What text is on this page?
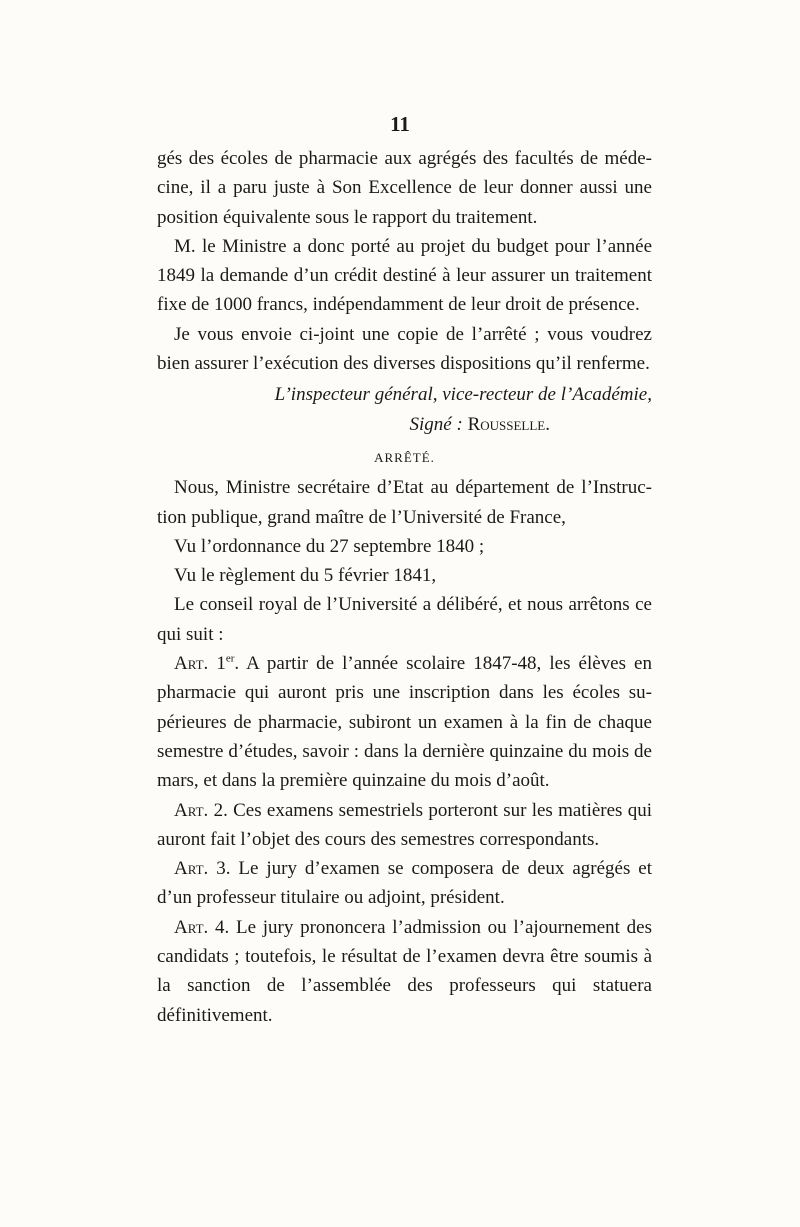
11

gés des écoles de pharmacie aux agrégés des facultés de médecine, il a paru juste à Son Excellence de leur donner aussi une position équivalente sous le rapport du traitement.

M. le Ministre a donc porté au projet du budget pour l’année 1849 la demande d’un crédit destiné à leur assurer un traitement fixe de 1000 francs, indépendamment de leur droit de présence.

Je vous envoie ci-joint une copie de l’arrêté ; vous voudrez bien assurer l’exécution des diverses dispositions qu’il renferme.

L’inspecteur général, vice-recteur de l’Académie,

Signé : Rousselle.

ARRÊTÉ.

Nous, Ministre secrétaire d’Etat au département de l’Instruction publique, grand maître de l’Université de France,

Vu l’ordonnance du 27 septembre 1840 ;

Vu le règlement du 5 février 1841,

Le conseil royal de l’Université a délibéré, et nous arrêtons ce qui suit :

Art. 1er. A partir de l’année scolaire 1847-48, les élèves en pharmacie qui auront pris une inscription dans les écoles supérieures de pharmacie, subiront un examen à la fin de chaque semestre d’études, savoir : dans la dernière quinzaine du mois de mars, et dans la première quinzaine du mois d’août.

Art. 2. Ces examens semestriels porteront sur les matières qui auront fait l’objet des cours des semestres correspondants.

Art. 3. Le jury d’examen se composera de deux agrégés et d’un professeur titulaire ou adjoint, président.

Art. 4. Le jury prononcera l’admission ou l’ajournement des candidats ; toutefois, le résultat de l’examen devra être soumis à la sanction de l’assemblée des professeurs qui statuera définitivement.
